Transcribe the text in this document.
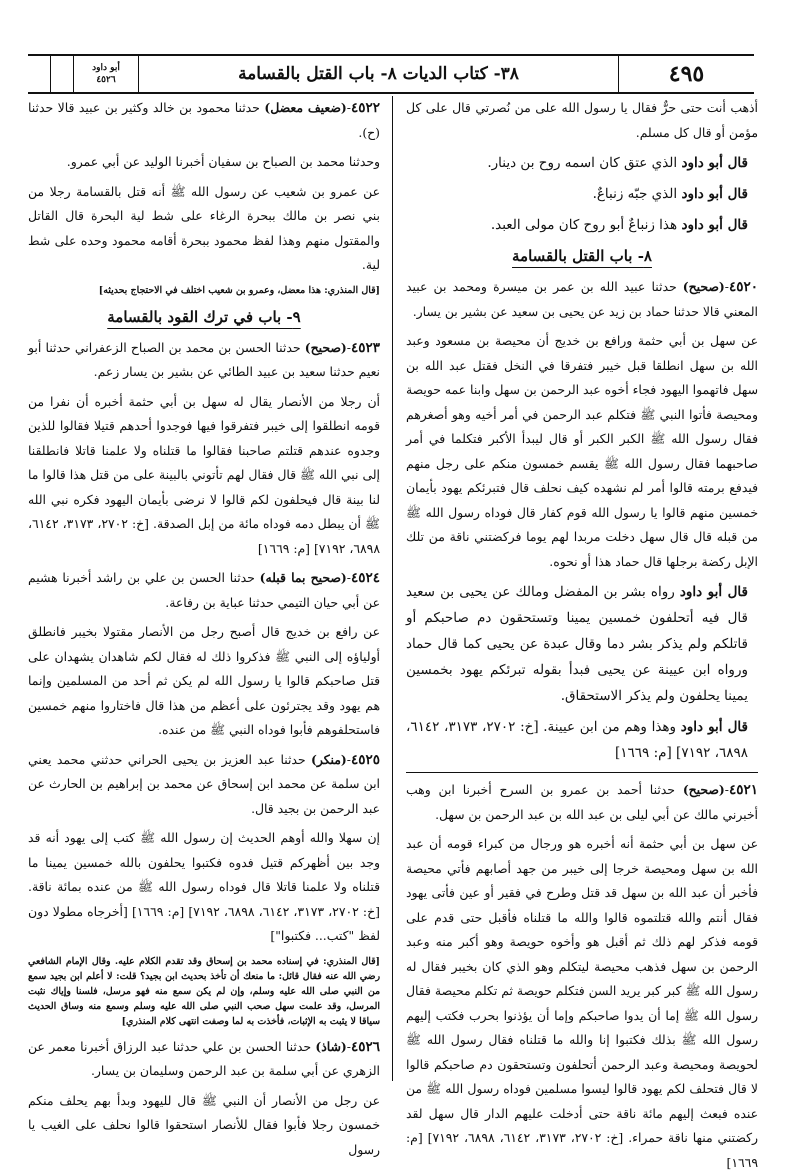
٤٩٥
٣٨- كتاب الديات ٨- باب القتل بالقسامة
أبو داود
٤٥٢٦

أذهب أنت حتى حرٌّ فقال يا رسول الله على من نُصرتي قال على كل مؤمن أو قال كل مسلم.

قال أبو داود الذي عتق كان اسمه روح بن دينار.

قال أبو داود الذي جبّه زنباعٌ.

قال أبو داود هذا زنباعٌ أبو روح كان مولى العبد.

٨- باب القتل بالقسامة

٤٥٢٠-(صحيح) حدثنا عبيد الله بن عمر بن ميسرة ومحمد بن عبيد المعني قالا حدثنا حماد بن زيد عن يحيى بن سعيد عن بشير بن يسار.

عن سهل بن أبي حثمة ورافع بن خديج أن محيصة بن مسعود وعبد الله بن سهل انطلقا قبل خيبر فتفرقا في النخل فقتل عبد الله بن سهل فاتهموا اليهود فجاء أخوه عبد الرحمن بن سهل وابنا عمه حويصة ومحيصة فأتوا النبي ﷺ فتكلم عبد الرحمن في أمر أخيه وهو أصغرهم فقال رسول الله ﷺ الكبر الكبر أو قال ليبدأ الأكبر فتكلما في أمر صاحبهما فقال رسول الله ﷺ يقسم خمسون منكم على رجل منهم فيدفع برمته قالوا أمر لم نشهده كيف نحلف قال فتبرئكم يهود بأيمان خمسين منهم قالوا يا رسول الله قوم كفار قال فوداه رسول الله ﷺ من قبله قال قال سهل دخلت مربدا لهم يوما فركضتني ناقة من تلك الإبل ركضة برجلها قال حماد هذا أو نحوه.

قال أبو داود رواه بشر بن المفضل ومالك عن يحيى بن سعيد قال فيه أتحلفون خمسين يمينا وتستحقون دم صاحبكم أو قاتلكم ولم يذكر بشر دما وقال عبدة عن يحيى كما قال حماد ورواه ابن عيينة عن يحيى فبدأ بقوله تبرئكم يهود بخمسين يمينا يحلفون ولم يذكر الاستحقاق.

قال أبو داود وهذا وهم من ابن عيينة. [خ: ٢٧٠٢، ٣١٧٣، ٦١٤٢، ٦٨٩٨، ٧١٩٢] [م: ١٦٦٩]

٤٥٢١-(صحيح) حدثنا أحمد بن عمرو بن السرح أخبرنا ابن وهب أخبرني مالك عن أبي ليلى بن عبد الله بن عبد الرحمن بن سهل.

عن سهل بن أبي حثمة أنه أخبره هو ورجال من كبراء قومه أن عبد الله بن سهل ومحيصة خرجا إلى خيبر من جهد أصابهم فأتي محيصة فأخبر أن عبد الله بن سهل قد قتل وطرح في فقير أو عين فأتى يهود فقال أنتم والله قتلتموه قالوا والله ما قتلناه فأقبل حتى قدم على قومه فذكر لهم ذلك ثم أقبل هو وأخوه حويصة وهو أكبر منه وعبد الرحمن بن سهل فذهب محيصة ليتكلم وهو الذي كان بخيبر فقال له رسول الله ﷺ كبر كبر يريد السن فتكلم حويصة ثم تكلم محيصة فقال رسول الله ﷺ إما أن يدوا صاحبكم وإما أن يؤذنوا بحرب فكتب إليهم رسول الله ﷺ بذلك فكتبوا إنا والله ما قتلناه فقال رسول الله ﷺ لحويصة ومحيصة وعبد الرحمن أتحلفون وتستحقون دم صاحبكم قالوا لا قال فتحلف لكم يهود قالوا ليسوا مسلمين فوداه رسول الله ﷺ من عنده فبعث إليهم مائة ناقة حتى أدخلت عليهم الدار قال سهل لقد ركضتني منها ناقة حمراء. [خ: ٢٧٠٢، ٣١٧٣، ٦١٤٢، ٦٨٩٨، ٧١٩٢] [م: ١٦٦٩]

٤٥٢٢-(ضعيف معضل) حدثنا محمود بن خالد وكثير بن عبيد قالا حدثنا (ح).

وحدثنا محمد بن الصباح بن سفيان أخبرنا الوليد عن أبي عمرو.

عن عمرو بن شعيب عن رسول الله ﷺ أنه قتل بالقسامة رجلا من بني نصر بن مالك ببحرة الرغاء على شط لية البحرة قال القاتل والمقتول منهم وهذا لفظ محمود ببحرة أقامه محمود وحده على شط لية.

[قال المنذري: هذا معضل، وعمرو بن شعيب اختلف في الاحتجاج بحديثه]

٩- باب في ترك القود بالقسامة

٤٥٢٣-(صحيح) حدثنا الحسن بن محمد بن الصباح الزعفراني حدثنا أبو نعيم حدثنا سعيد بن عبيد الطائي عن بشير بن يسار زعم.

أن رجلا من الأنصار يقال له سهل بن أبي حثمة أخبره أن نفرا من قومه انطلقوا إلى خيبر فتفرقوا فيها فوجدوا أحدهم قتيلا فقالوا للذين وجدوه عندهم قتلتم صاحبنا فقالوا ما قتلناه ولا علمنا قاتلا فانطلقنا إلى نبي الله ﷺ قال فقال لهم تأتوني بالبينة على من قتل هذا قالوا ما لنا بينة قال فيحلفون لكم قالوا لا نرضى بأيمان اليهود فكره نبي الله ﷺ أن يبطل دمه فوداه مائة من إبل الصدقة. [خ: ٢٧٠٢، ٣١٧٣، ٦١٤٢، ٦٨٩٨، ٧١٩٢] [م: ١٦٦٩]

٤٥٢٤-(صحيح بما قبله) حدثنا الحسن بن علي بن راشد أخبرنا هشيم عن أبي حيان التيمي حدثنا عباية بن رفاعة.

عن رافع بن خديج قال أصبح رجل من الأنصار مقتولا بخيبر فانطلق أولياؤه إلى النبي ﷺ فذكروا ذلك له فقال لكم شاهدان يشهدان على قتل صاحبكم قالوا يا رسول الله لم يكن ثم أحد من المسلمين وإنما هم يهود وقد يجترئون على أعظم من هذا قال فاختاروا منهم خمسين فاستحلفوهم فأبوا فوداه النبي ﷺ من عنده.

٤٥٢٥-(منكر) حدثنا عبد العزيز بن يحيى الحراني حدثني محمد يعني ابن سلمة عن محمد ابن إسحاق عن محمد بن إبراهيم بن الحارث عن عبد الرحمن بن بجيد قال.

إن سهلا والله أوهم الحديث إن رسول الله ﷺ كتب إلى يهود أنه قد وجد بين أظهركم قتيل فدوه فكتبوا يحلفون بالله خمسين يمينا ما قتلناه ولا علمنا قاتلا قال فوداه رسول الله ﷺ من عنده بمائة ناقة. [خ: ٢٧٠٢، ٣١٧٣، ٦١٤٢، ٦٨٩٨، ٧١٩٢] [م: ١٦٦٩] [أخرجاه مطولا دون لفظ "كتب... فكتبوا"]

[قال المنذري: في إسناده محمد بن إسحاق وقد تقدم الكلام عليه. وقال الإمام الشافعي رضي الله عنه فقال قائل: ما منعك أن تأخذ بحديث ابن بجيد؟ قلت: لا أعلم ابن بجيد سمع من النبي صلى الله عليه وسلم، وإن لم يكن سمع منه فهو مرسل، فلسنا وإياك نثبت المرسل، وقد علمت سهل صحب النبي صلى الله عليه وسلم وسمع منه وساق الحديث سياقا لا يثبت به الإثبات، فأخذت به لما وصفت انتهى كلام المنذري]

٤٥٢٦-(شاذ) حدثنا الحسن بن علي حدثنا عبد الرزاق أخبرنا معمر عن الزهري عن أبي سلمة بن عبد الرحمن وسليمان بن يسار.

عن رجل من الأنصار أن النبي ﷺ قال لليهود وبدأ بهم يحلف منكم خمسون رجلا فأبوا فقال للأنصار استحقوا قالوا نحلف على الغيب يا رسول
